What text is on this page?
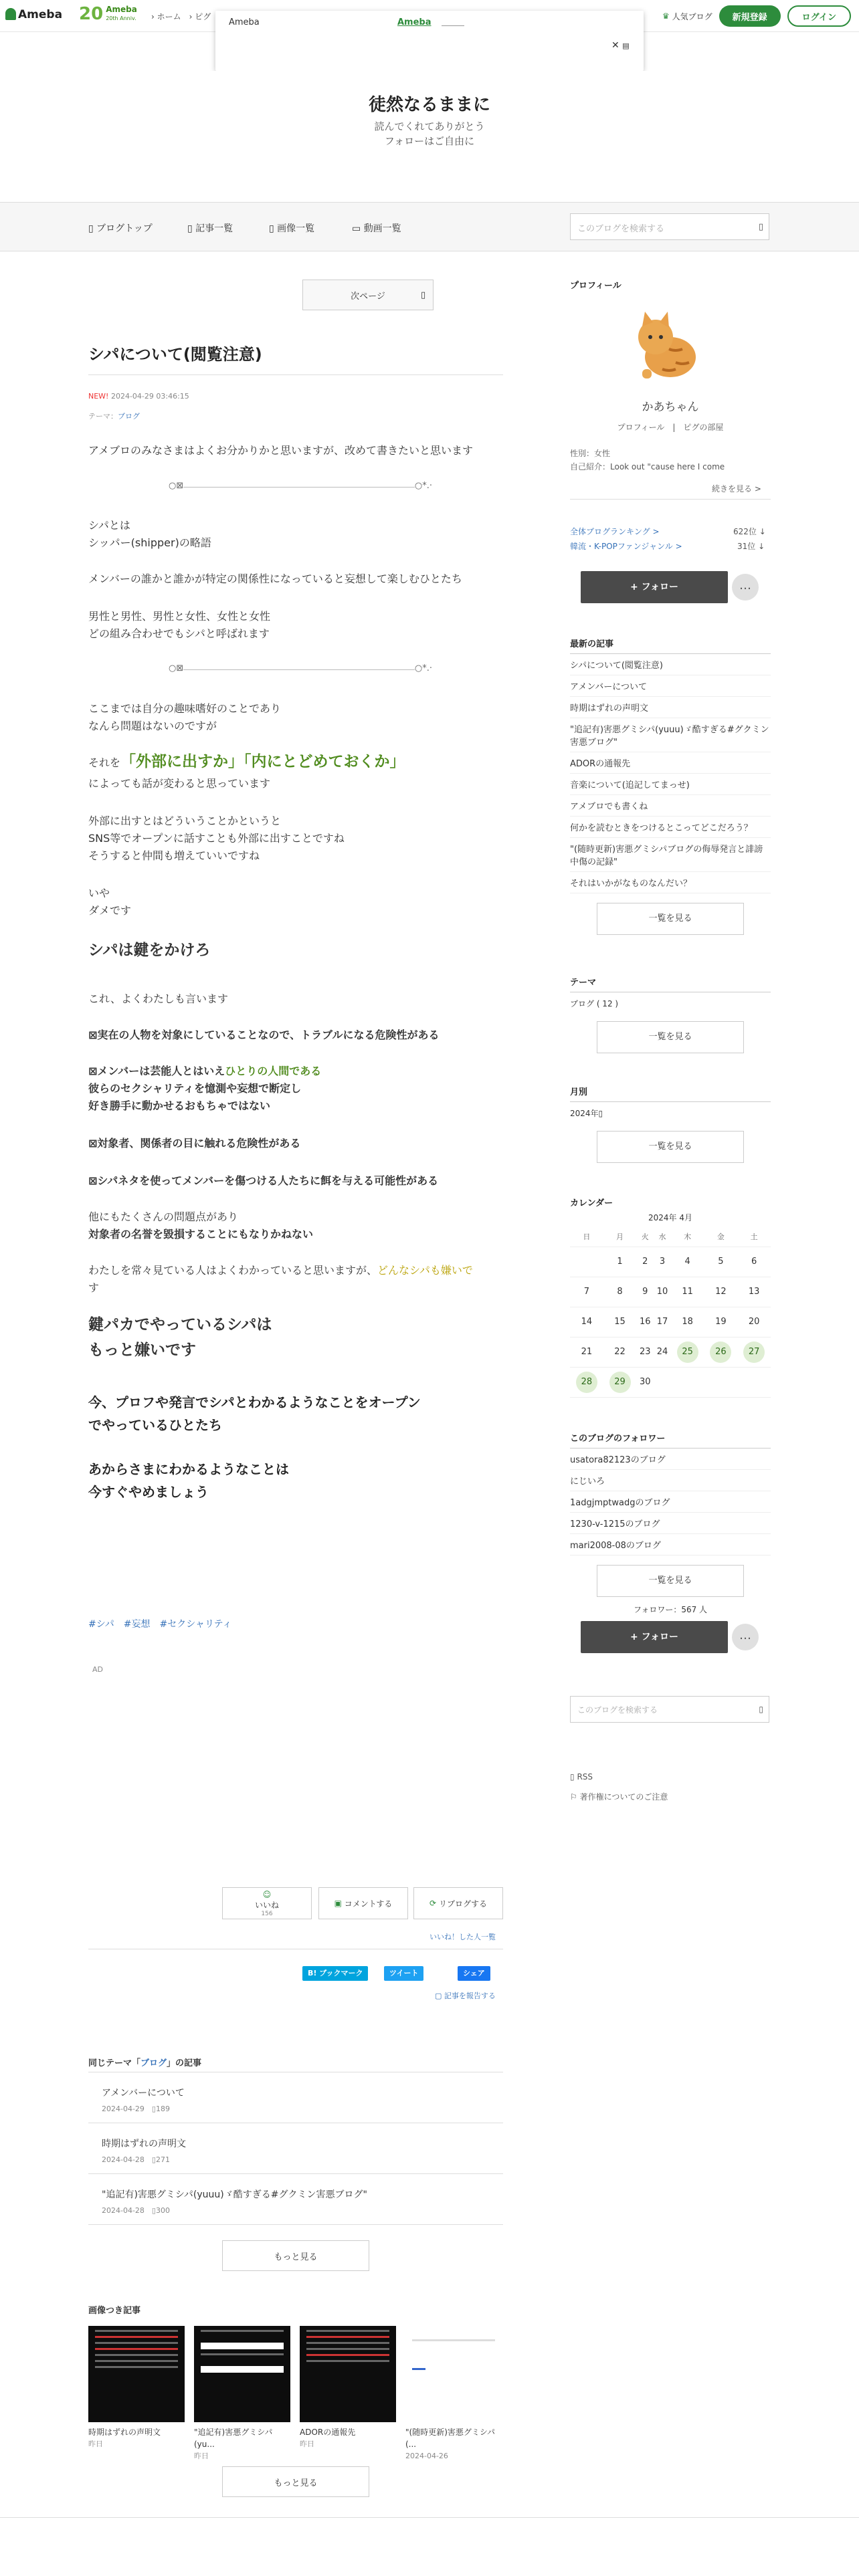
Ameba 20 Ameba
20th Anniv. › ホーム　› ピグ	♛ 人気ブログ	新規登録	ログイン
Ameba	Ameba
✕ ▤
徒然なるままに
読んでくれてありがとう
フォローはご自由に
▯ ブログトップ	▯ 記事一覧	▯ 画像一覧	▭ 動画一覧	このブログを検索する	▯
次ページ	▯
シパについて(閲覧注意)
NEW! 2024-04-29 03:46:15
テーマ：ブログ

アメブロのみなさまはよくお分かりかと思いますが、改めて書きたいと思います

○⊠ ○*.·

シパとは

シッパー(shipper)の略語

メンバーの誰かと誰かが特定の関係性になっていると妄想して楽しむひとたち

男性と男性、男性と女性、女性と女性

どの組み合わせでもシパと呼ばれます

○⊠ ○*.·

ここまでは自分の趣味嗜好のことであり

なんら問題はないのですが

それを「外部に出すか」「内にとどめておくか」

によっても話が変わると思っています

外部に出すとはどういうことかというと

SNS等でオープンに話すことも外部に出すことですね

そうすると仲間も増えていいですね

いや

ダメです

シパは鍵をかけろ

これ、よくわたしも言います

⊠実在の人物を対象にしていることなので、トラブルになる危険性がある

⊠メンバーは芸能人とはいえひとりの人間である

彼らのセクシャリティを憶測や妄想で断定し

好き勝手に動かせるおもちゃではない

⊠対象者、関係者の目に触れる危険性がある

⊠シパネタを使ってメンバーを傷つける人たちに餌を与える可能性がある

他にもたくさんの問題点があり

対象者の名誉を毀損することにもなりかねない

わたしを常々見ている人はよくわかっていると思いますが、どんなシパも嫌いで

す

鍵パカでやっているシパは

もっと嫌いです

今、プロフや発言でシパとわかるようなことをオープン

でやっているひとたち

あからさまにわかるようなことは

今すぐやめましょう

#シパ #妄想 #セクシャリティ
AD
☺
いいね
156
▣
コメントする	⟳
リブログする
いいね！した人一覧
B! ブックマーク	ツイート	シェア
▢ 記事を報告する
同じテーマ「ブログ」の記事
アメンバーについて
2024-04-29　▯189
時期はずれの声明文
2024-04-28　▯271
"追記有)害悪グミシパ(yuuu)ゞ酷すぎる#グクミン害悪ブログ"
2024-04-28　▯300
もっと見る
画像つき記事
時期はずれの声明文
昨日
"追記有)害悪グミシパ(yu...
昨日
ADORの通報先
昨日
"(随時更新)害悪グミシパ(...
2024-04-26
もっと見る
プロフィール
かあちゃん
プロフィール　|　ピグの部屋
性別：女性
自己紹介：Look out "cause here I come
続きを見る >
全体ブログランキング >	622位 ↓
韓流・K-POPファンジャンル >	31位 ↓
+ フォロー	…
最新の記事
シパについて(閲覧注意)
アメンバーについて
時期はずれの声明文
"追記有)害悪グミシパ(yuuu)ゞ酷すぎる#グクミン害悪ブログ"
ADORの通報先
音楽について(追記してまっせ)
アメブロでも書くね
何かを読むときをつけるとこってどこだろう？
"(随時更新)害悪グミシパブログの侮辱発言と誹謗中傷の記録"
それはいかがなものなんだい？
一覧を見る
テーマ
ブログ ( 12 )
一覧を見る
月別
2024年▯
一覧を見る
カレンダー
2024年 4月
日	月	火	水	木	金	土
	1	2	3	4	5	6
7	8	9	10	11	12	13
14	15	16	17	18	19	20
21	22	23	24	25	26	27
28	29	30				
このブログのフォロワー
usatora82123のブログ
にじいろ
1adgjmptwadgのブログ
1230-v-1215のブログ
mari2008-08のブログ
一覧を見る
フォロワー：567 人
+ フォロー	…
このブログを検索する	▯
▯ RSS
⚐ 著作権についてのご注意
